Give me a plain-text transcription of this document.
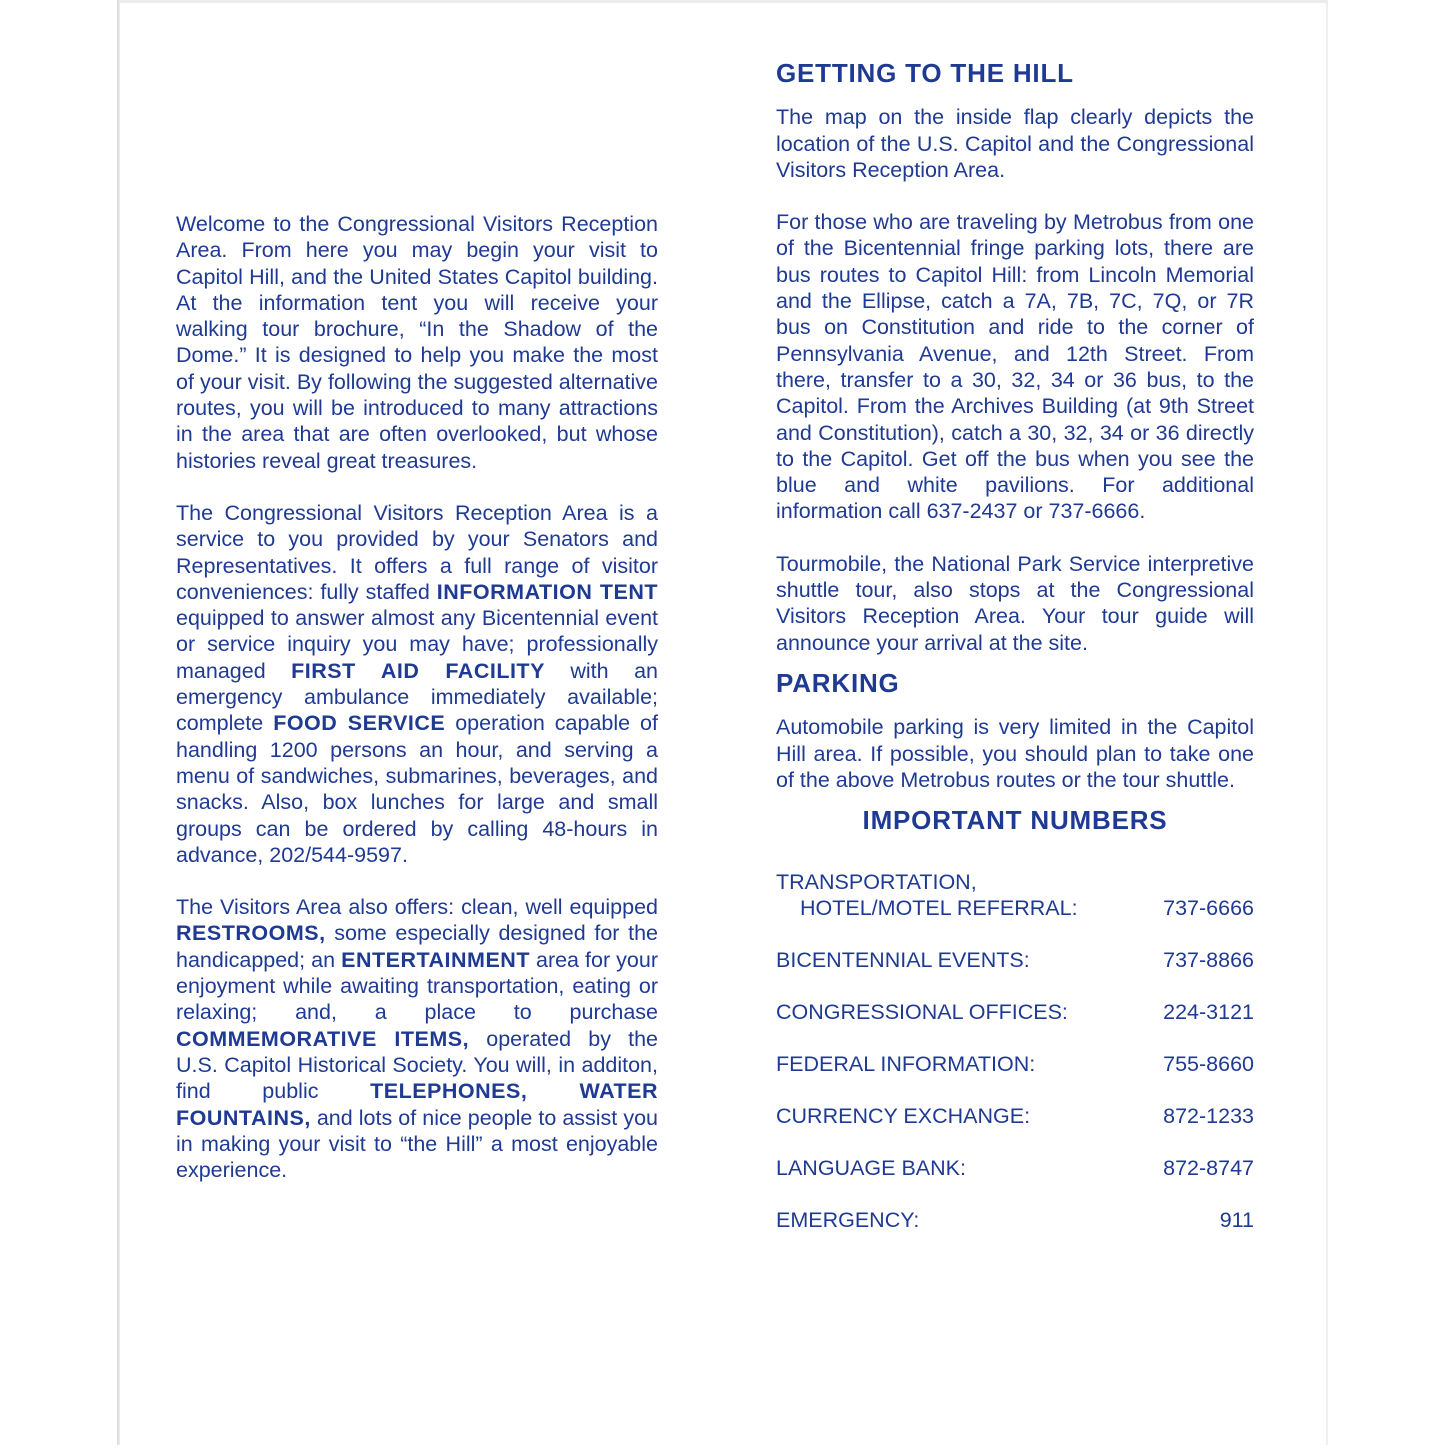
Welcome to the Congressional Visitors Reception Area. From here you may begin your visit to Capitol Hill, and the United States Capitol building. At the information tent you will receive your walking tour brochure, “In the Shadow of the Dome.” It is designed to help you make the most of your visit. By following the suggested alternative routes, you will be introduced to many attractions in the area that are often overlooked, but whose histories reveal great treasures.

The Congressional Visitors Reception Area is a service to you provided by your Senators and Representatives. It offers a full range of visitor conveniences: fully staffed INFORMATION TENT equipped to answer almost any Bicentennial event or service inquiry you may have; professionally managed FIRST AID FACILITY with an emergency ambulance immediately available; complete FOOD SERVICE operation capable of handling 1200 persons an hour, and serving a menu of sandwiches, submarines, beverages, and snacks. Also, box lunches for large and small groups can be ordered by calling 48-hours in advance, 202/544-9597.

The Visitors Area also offers: clean, well equipped RESTROOMS, some especially designed for the handicapped; an ENTERTAINMENT area for your enjoyment while awaiting transportation, eating or relaxing; and, a place to purchase COMMEMORATIVE ITEMS, operated by the U.S. Capitol Historical Society. You will, in additon, find public TELEPHONES, WATER FOUNTAINS, and lots of nice people to assist you in making your visit to “the Hill” a most enjoyable experience.

GETTING TO THE HILL

The map on the inside flap clearly depicts the location of the U.S. Capitol and the Congressional Visitors Reception Area.

For those who are traveling by Metrobus from one of the Bicentennial fringe parking lots, there are bus routes to Capitol Hill: from Lincoln Memorial and the Ellipse, catch a 7A, 7B, 7C, 7Q, or 7R bus on Constitution and ride to the corner of Pennsylvania Avenue, and 12th Street. From there, transfer to a 30, 32, 34 or 36 bus, to the Capitol. From the Archives Building (at 9th Street and Constitution), catch a 30, 32, 34 or 36 directly to the Capitol. Get off the bus when you see the blue and white pavilions. For additional information call 637-2437 or 737-6666.

Tourmobile, the National Park Service interpretive shuttle tour, also stops at the Congressional Visitors Reception Area. Your tour guide will announce your arrival at the site.

PARKING

Automobile parking is very limited in the Capitol Hill area. If possible, you should plan to take one of the above Metrobus routes or the tour shuttle.

IMPORTANT NUMBERS
TRANSPORTATION,
HOTEL/MOTEL REFERRAL:	737-6666
BICENTENNIAL EVENTS:	737-8866
CONGRESSIONAL OFFICES:	224-3121
FEDERAL INFORMATION:	755-8660
CURRENCY EXCHANGE:	872-1233
LANGUAGE BANK:	872-8747
EMERGENCY:	911
